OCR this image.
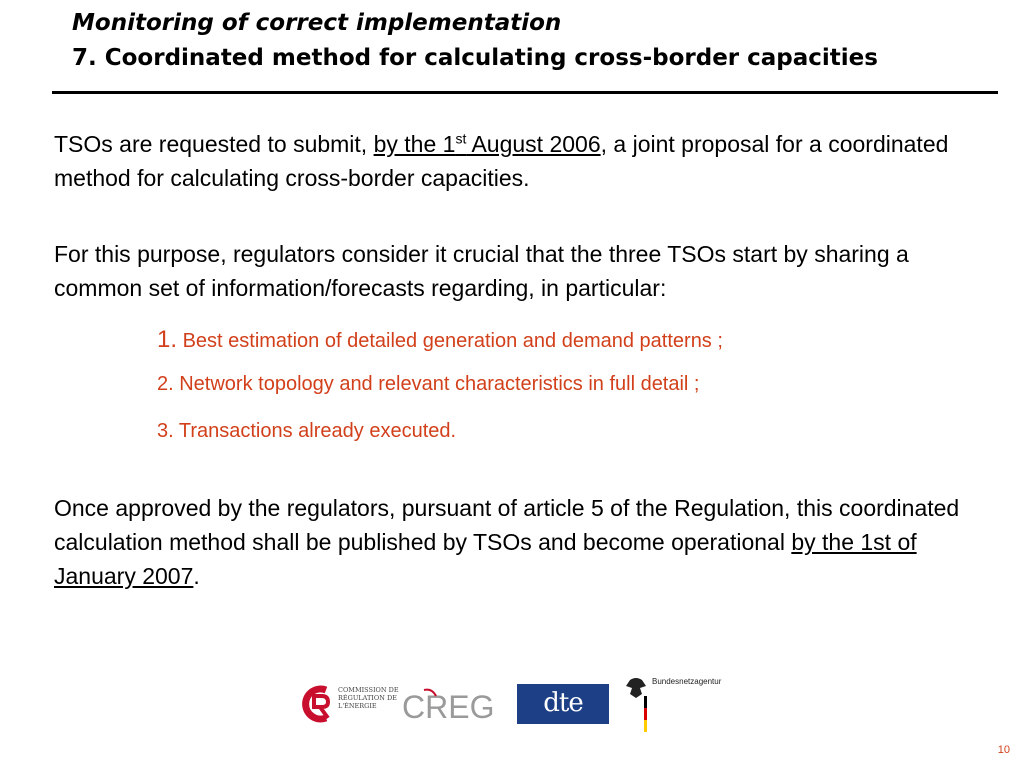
Monitoring of correct implementation
7. Coordinated method for calculating cross-border capacities

TSOs are requested to submit, by the 1st August 2006, a joint proposal for a coordinated method for calculating cross-border capacities.

For this purpose, regulators consider it crucial that the three TSOs start by sharing a common set of information/forecasts regarding, in particular:

1. Best estimation of detailed generation and demand patterns ;

2. Network topology and relevant characteristics in full detail ;

3. Transactions already executed.

Once approved by the regulators, pursuant of article 5 of the Regulation, this coordinated calculation method shall be published by TSOs and become operational by the 1st of January 2007.

COMMISSION DE RÉGULATION DE L'ÉNERGIE CREG	dte
Bundesnetzagentur
10
